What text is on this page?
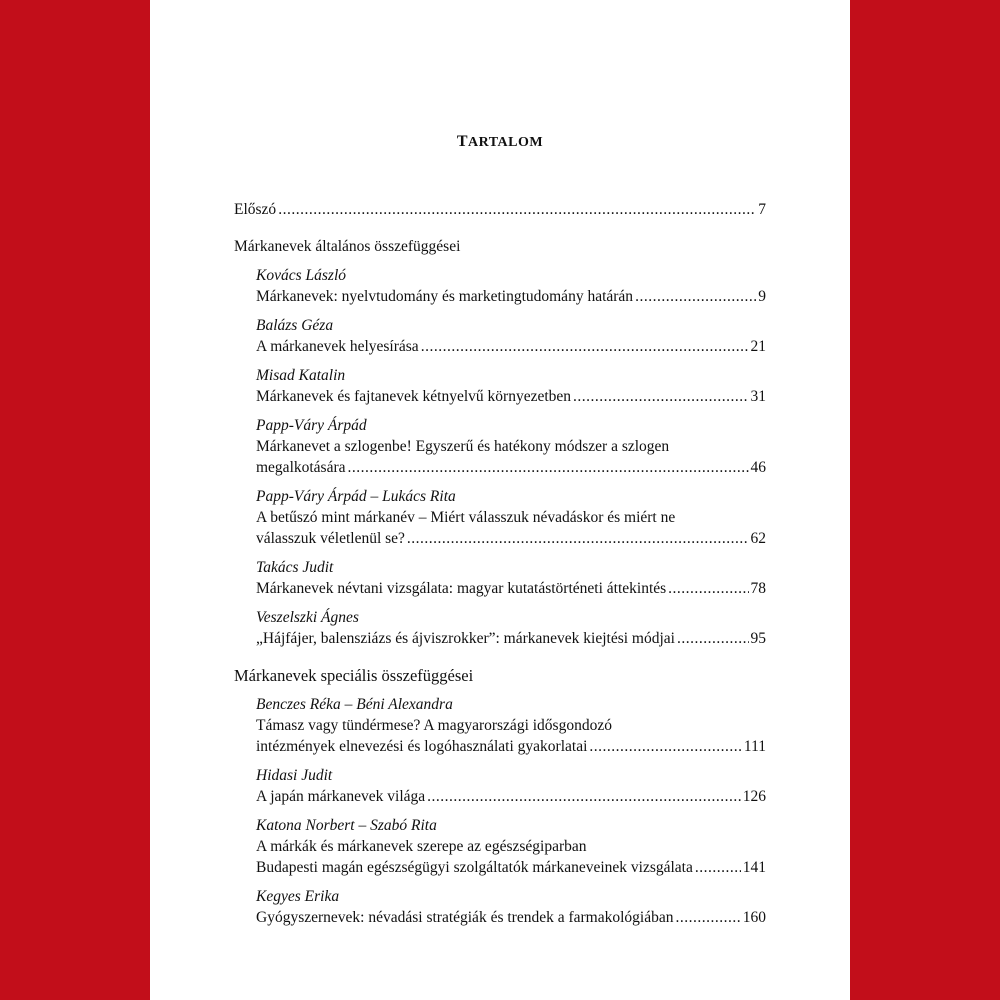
TARTALOM
Előszó .....	7
Márkanevek általános összefüggései
Kovács László
Márkanevek: nyelvtudomány és marketingtudomány határán .....	9
Balázs Géza
A márkanevek helyesírása .....	21
Misad Katalin
Márkanevek és fajtanevek kétnyelvű környezetben .....	31
Papp-Váry Árpád
Márkanevet a szlogenbe! Egyszerű és hatékony módszer a szlogen
megalkotására .....	46
Papp-Váry Árpád – Lukács Rita
A betűszó mint márkanév – Miért válasszuk névadáskor és miért ne
válasszuk véletlenül se? .....	62
Takács Judit
Márkanevek névtani vizsgálata: magyar kutatástörténeti áttekintés .....	78
Veszelszki Ágnes
„Hájfájer, balensziázs és ájviszrokker”: márkanevek kiejtési módjai .....	95
Márkanevek speciális összefüggései
Benczes Réka – Béni Alexandra
Támasz vagy tündérmese? A magyarországi idősgondozó
intézmények elnevezési és logóhasználati gyakorlatai .....	111
Hidasi Judit
A japán márkanevek világa .....	126
Katona Norbert – Szabó Rita
A márkák és márkanevek szerepe az egészségiparban
Budapesti magán egészségügyi szolgáltatók márkaneveinek vizsgálata .....	141
Kegyes Erika
Gyógyszernevek: névadási stratégiák és trendek a farmakológiában .....	160
